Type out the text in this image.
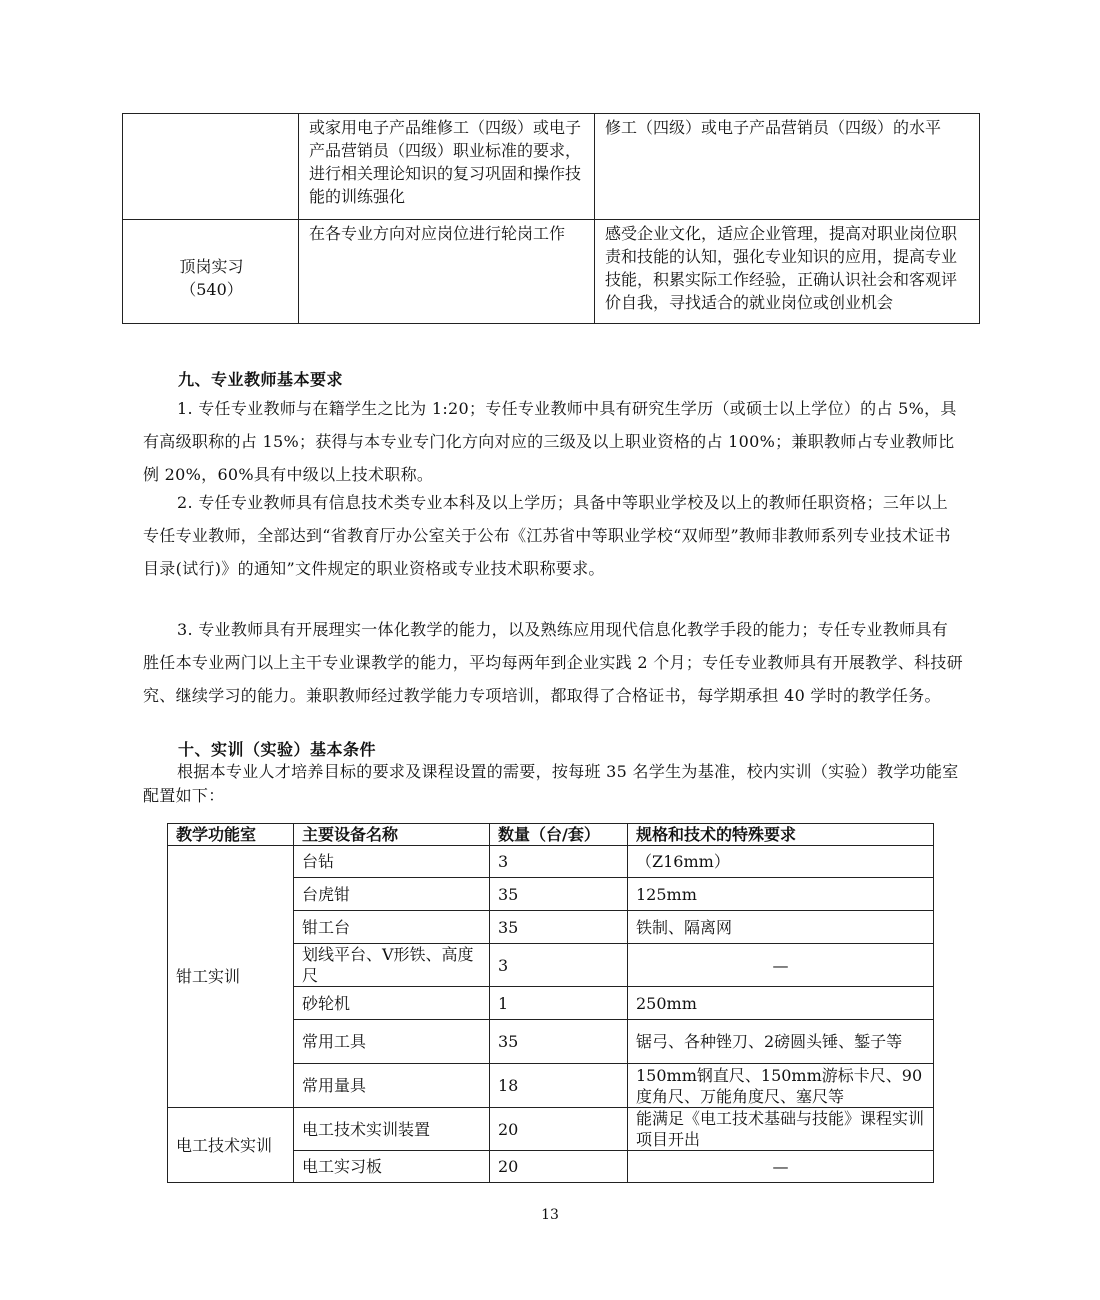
	或家用电子产品维修工（四级）或电子产品营销员（四级）职业标准的要求，进行相关理论知识的复习巩固和操作技能的训练强化	修工（四级）或电子产品营销员（四级）的水平

顶岗实习
（540）	在各专业方向对应岗位进行轮岗工作	感受企业文化，适应企业管理，提高对职业岗位职责和技能的认知，强化专业知识的应用，提高专业技能，积累实际工作经验，正确认识社会和客观评价自我，寻找适合的就业岗位或创业机会
九、专业教师基本要求
1. 专任专业教师与在籍学生之比为 1:20；专任专业教师中具有研究生学历（或硕士以上学位）的占 5%，具有高级职称的占 15%；获得与本专业专门化方向对应的三级及以上职业资格的占 100%；兼职教师占专业教师比例 20%，60%具有中级以上技术职称。
2. 专任专业教师具有信息技术类专业本科及以上学历；具备中等职业学校及以上的教师任职资格；三年以上专任专业教师，全部达到“省教育厅办公室关于公布《江苏省中等职业学校“双师型”教师非教师系列专业技术证书目录(试行)》的通知”文件规定的职业资格或专业技术职称要求。
3. 专业教师具有开展理实一体化教学的能力，以及熟练应用现代信息化教学手段的能力；专任专业教师具有胜任本专业两门以上主干专业课教学的能力，平均每两年到企业实践 2 个月；专任专业教师具有开展教学、科技研究、继续学习的能力。兼职教师经过教学能力专项培训，都取得了合格证书，每学期承担 40 学时的教学任务。
十、实训（实验）基本条件
根据本专业人才培养目标的要求及课程设置的需要，按每班 35 名学生为基准，校内实训（实验）教学功能室配置如下：
教学功能室	主要设备名称	数量（台/套）	规格和技术的特殊要求
钳工实训	台钻	3	（Z16mm）
	台虎钳	35	125mm
	钳工台	35	铁制、隔离网
	划线平台、V形铁、高度尺	3	—
	砂轮机	1	250mm
	常用工具	35	锯弓、各种锉刀、2磅圆头锤、錾子等
	常用量具	18	150mm钢直尺、150mm游标卡尺、90度角尺、万能角度尺、塞尺等
电工技术实训	电工技术实训装置	20	能满足《电工技术基础与技能》课程实训项目开出
	电工实习板	20	—
13
